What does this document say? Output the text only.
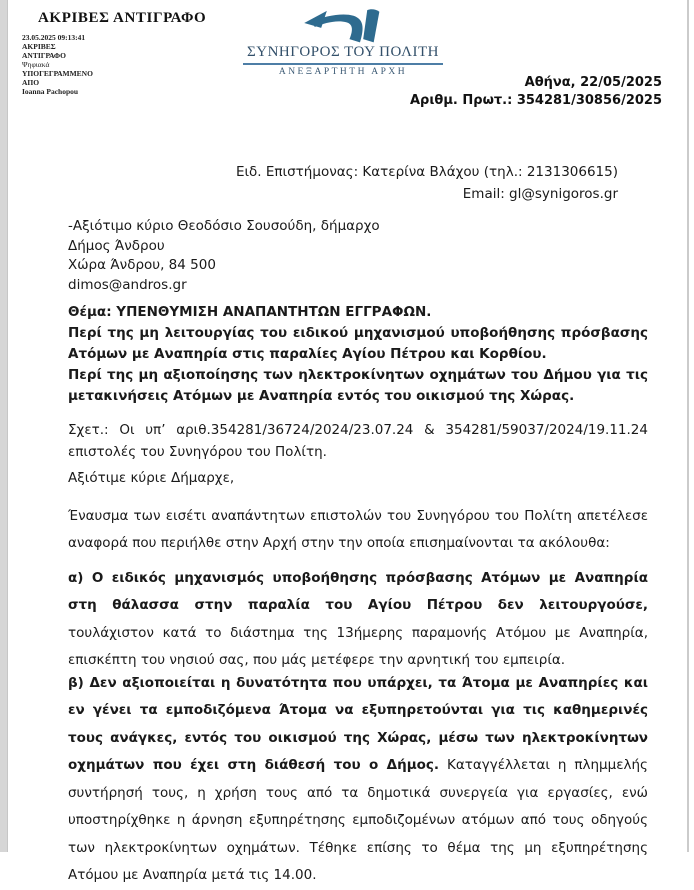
ΑΚΡΙΒΕΣ ΑΝΤΙΓΡΑΦΟ
23.05.2025 09:13:41
ΑΚΡΙΒΕΣ
ΑΝΤΙΓΡΑΦΟ
Ψηφιακά
ΥΠΟΓΕΓΡΑΜΜΕΝΟ
ΑΠΟ
Ioanna Pachopou
ΣΥΝΗΓΟΡΟΣ ΤΟΥ ΠΟΛΙΤΗ
ΑΝΕΞΑΡΤΗΤΗ ΑΡΧΗ
Αθήνα, 22/05/2025
Αριθμ. Πρωτ.: 354281/30856/2025
Ειδ. Επιστήμονας: Κατερίνα Βλάχου (τηλ.: 2131306615)
Email: gl@synigoros.gr
-Αξιότιμο κύριο Θεοδόσιο Σουσούδη, δήμαρχο
Δήμος Άνδρου
Χώρα Άνδρου, 84 500
dimos@andros.gr
Θέμα: ΥΠΕΝΘΥΜΙΣΗ ΑΝΑΠΑΝΤΗΤΩΝ ΕΓΓΡΑΦΩΝ.
Περί της μη λειτουργίας του ειδικού μηχανισμού υποβοήθησης πρόσβασης Ατόμων με Αναπηρία στις παραλίες Αγίου Πέτρου και Κορθίου.
Περί της μη αξιοποίησης των ηλεκτροκίνητων οχημάτων του Δήμου για τις μετακινήσεις Ατόμων με Αναπηρία εντός του οικισμού της Χώρας.
Σχετ.: Οι υπ’ αριθ.354281/36724/2024/23.07.24 & 354281/59037/2024/19.11.24
επιστολές του Συνηγόρου του Πολίτη.
Αξιότιμε κύριε Δήμαρχε,

Έναυσμα των εισέτι αναπάντητων επιστολών του Συνηγόρου του Πολίτη απετέλεσε αναφορά που περιήλθε στην Αρχή στην την οποία επισημαίνονται τα ακόλουθα:

α) Ο ειδικός μηχανισμός υποβοήθησης πρόσβασης Ατόμων με Αναπηρία στη θάλασσα στην παραλία του Αγίου Πέτρου δεν λειτουργούσε, τουλάχιστον κατά το διάστημα της 13ήμερης παραμονής Ατόμου με Αναπηρία, επισκέπτη του νησιού σας, που μάς μετέφερε την αρνητική του εμπειρία.

β) Δεν αξιοποιείται η δυνατότητα που υπάρχει, τα Άτομα με Αναπηρίες και εν γένει τα εμποδιζόμενα Άτομα να εξυπηρετούνται για τις καθημερινές τους ανάγκες, εντός του οικισμού της Χώρας, μέσω των ηλεκτροκίνητων οχημάτων που έχει στη διάθεσή του ο Δήμος. Καταγγέλλεται η πλημμελής συντήρησή τους, η χρήση τους από τα δημοτικά συνεργεία για εργασίες, ενώ υποστηρίχθηκε η άρνηση εξυπηρέτησης εμποδιζομένων ατόμων από τους οδηγούς των ηλεκτροκίνητων οχημάτων. Τέθηκε επίσης το θέμα της μη εξυπηρέτησης Ατόμου με Αναπηρία μετά τις 14.00.
